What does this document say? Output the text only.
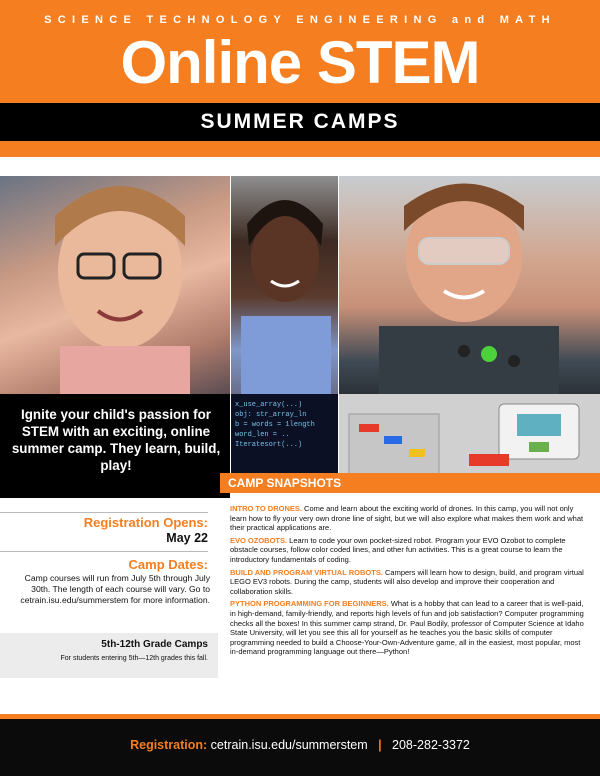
SCIENCE TECHNOLOGY ENGINEERING and MATH
Online STEM
SUMMER CAMPS
Ignite your child's passion for STEM with an exciting, online summer camp. They learn, build, play!
x_use_array(...)
obj: str_array_ln
b = words = 1length
word_len = ..
Iteratesort(...)
CAMP SNAPSHOTS
Registration Opens:
May 22
Camp Dates:
Camp courses will run from July 5th through July 30th. The length of each course will vary. Go to cetrain.isu.edu/summerstem for more information.
5th-12th Grade Camps
For students entering 5th—12th grades this fall.

INTRO TO DRONES. Come and learn about the exciting world of drones. In this camp, you will not only learn how to fly your very own drone line of sight, but we will also explore what makes them work and what their practical applications are.

EVO OZOBOTS. Learn to code your own pocket-sized robot. Program your EVO Ozobot to complete obstacle courses, follow color coded lines, and other fun activities. This is a great course to learn the introductory fundamentals of coding.

BUILD AND PROGRAM VIRTUAL ROBOTS. Campers will learn how to design, build, and program virtual LEGO EV3 robots. During the camp, students will also develop and improve their cooperation and collaboration skills.

PYTHON PROGRAMMING FOR BEGINNERS. What is a hobby that can lead to a career that is well-paid, in high-demand, family-friendly, and reports high levels of fun and job satisfaction? Computer programming checks all the boxes! In this summer camp strand, Dr. Paul Bodily, professor of Computer Science at Idaho State University, will let you see this all for yourself as he teaches you the basic skills of computer programming needed to build a Choose-Your-Own-Adventure game, all in the easiest, most popular, most in-demand programming language out there—Python!

Registration: cetrain.isu.edu/summerstem | 208-282-3372
